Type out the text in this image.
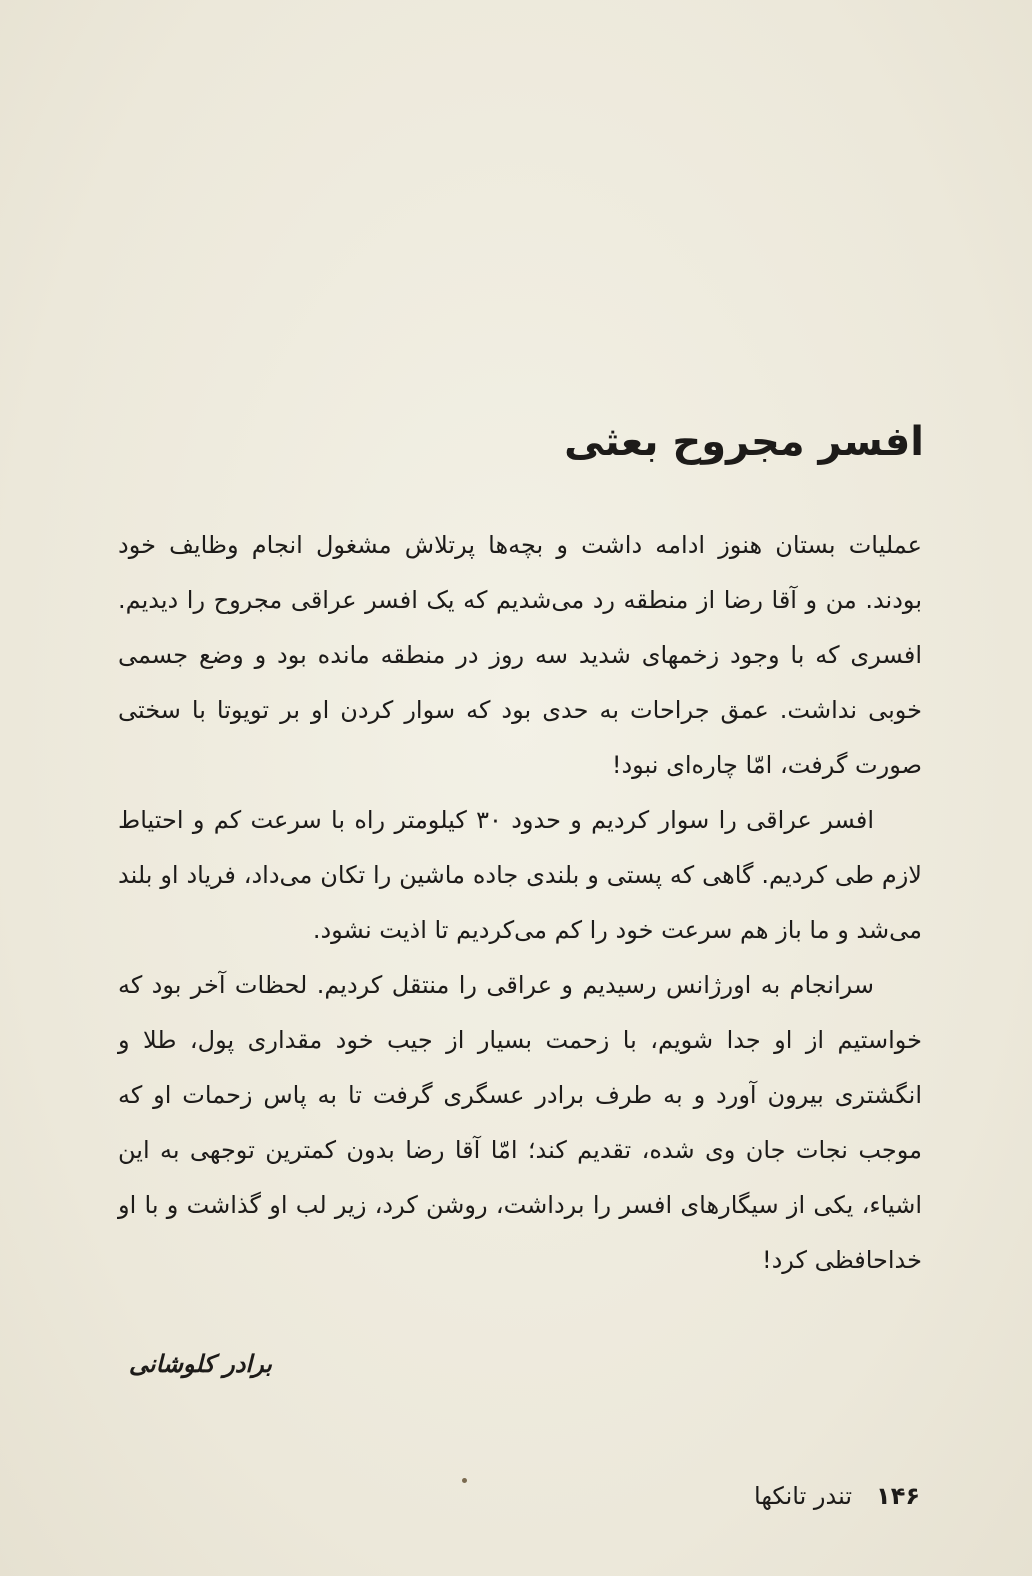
افسر مجروح بعثی

عملیات بستان هنوز ادامه داشت و بچه‌ها پرتلاش مشغول انجام وظایف خود بودند. من و آقا رضا از منطقه رد می‌شدیم که یک افسر عراقی مجروح را دیدیم. افسری که با وجود زخمهای شدید سه روز در منطقه مانده بود و وضع جسمی خوبی نداشت. عمق جراحات به حدی بود که سوار کردن او بر تویوتا با سختی صورت گرفت، امّا چاره‌ای نبود!

افسر عراقی را سوار کردیم و حدود ۳۰ کیلومتر راه با سرعت کم و احتیاط لازم طی کردیم. گاهی که پستی و بلندی جاده ماشین را تکان می‌داد، فریاد او بلند می‌شد و ما باز هم سرعت خود را کم می‌کردیم تا اذیت نشود.

سرانجام به اورژانس رسیدیم و عراقی را منتقل کردیم. لحظات آخر بود که خواستیم از او جدا شویم، با زحمت بسیار از جیب خود مقداری پول، طلا و انگشتری بیرون آورد و به طرف برادر عسگری گرفت تا به پاس زحمات او که موجب نجات جان وی شده، تقدیم کند؛ امّا آقا رضا بدون کمترین توجهی به این اشیاء، یکی از سیگارهای افسر را برداشت، روشن کرد، زیر لب او گذاشت و با او خداحافظی کرد!

برادر کلوشانی
۱۴۶تندر تانکها
